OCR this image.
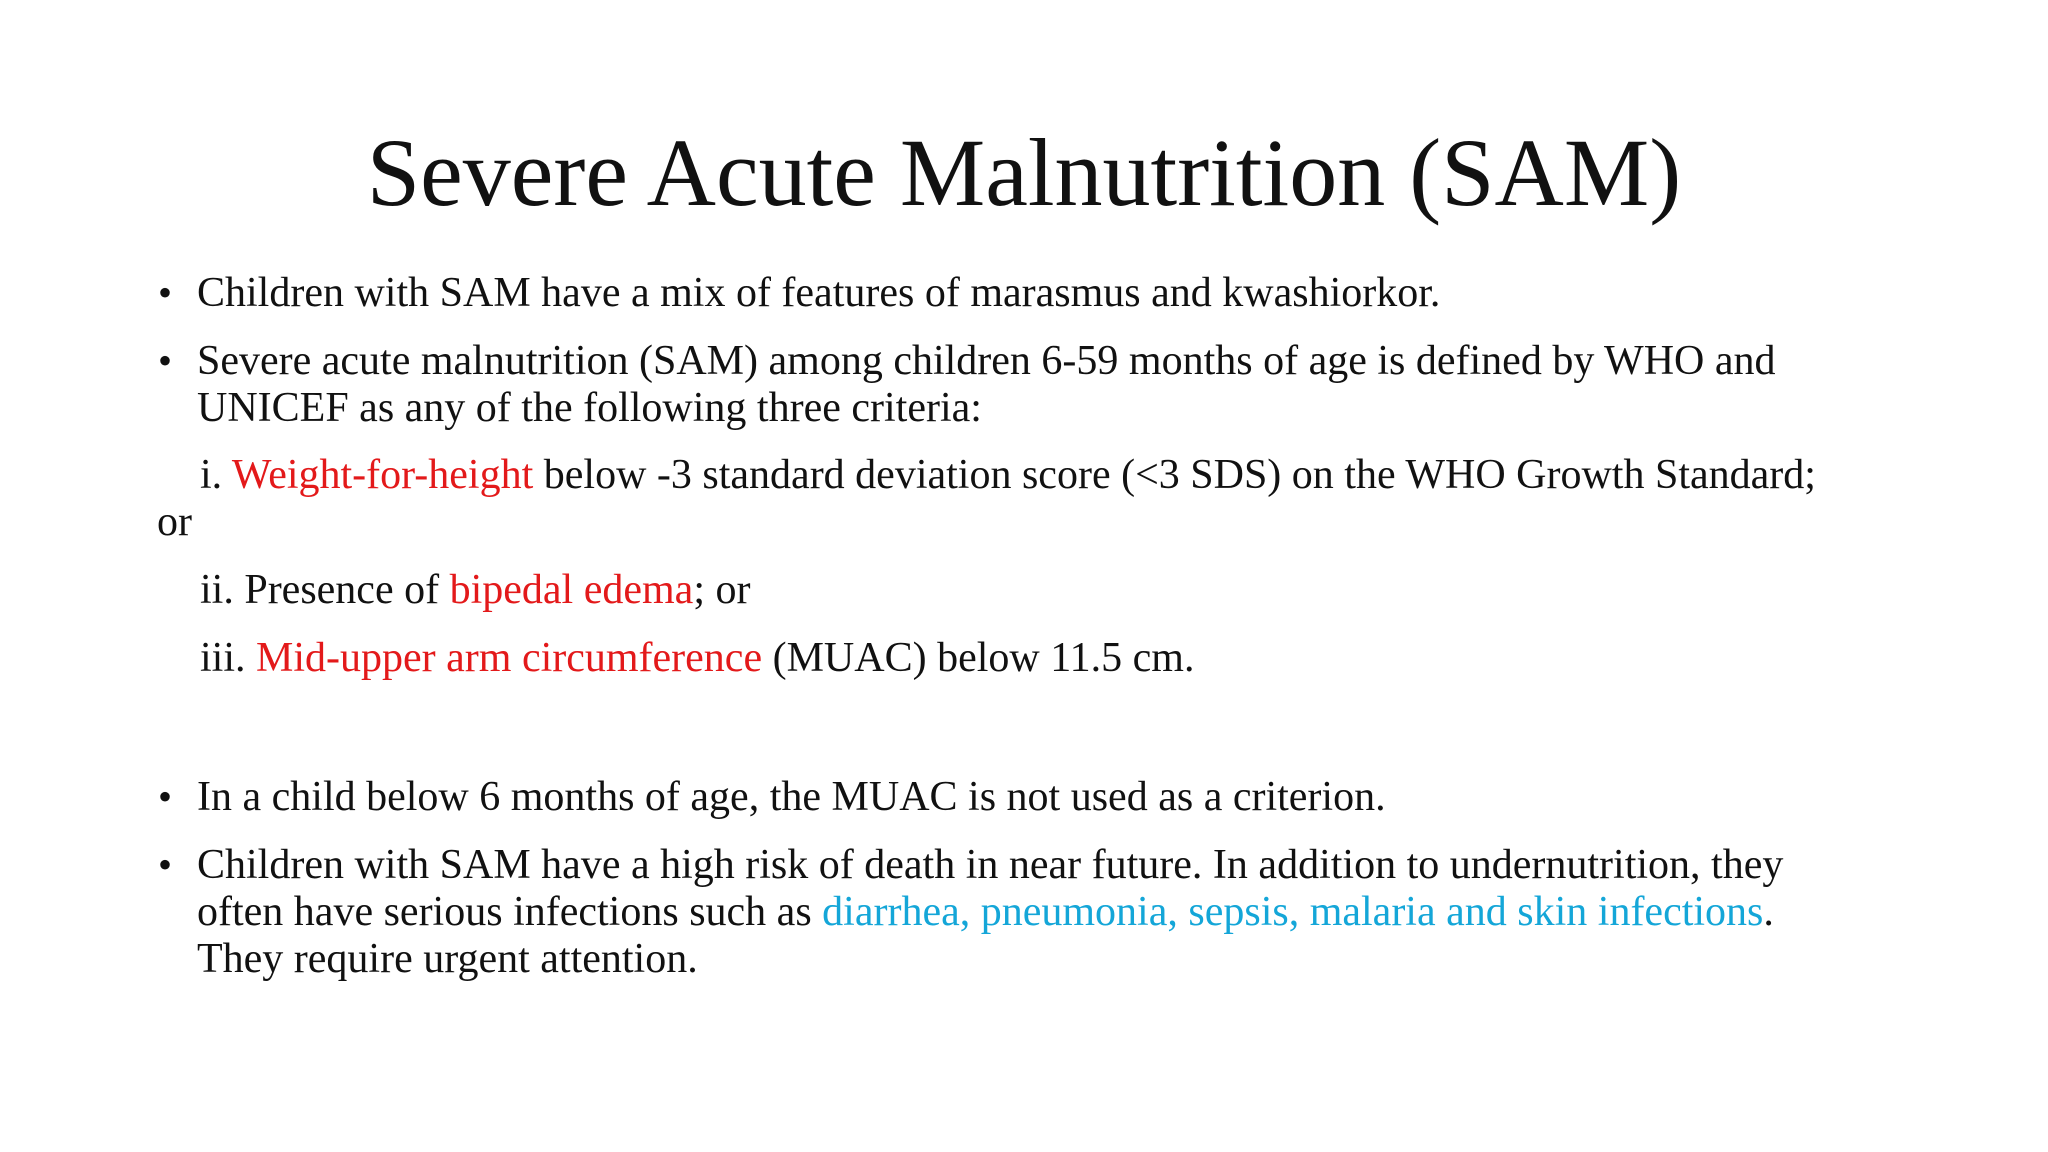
Severe Acute Malnutrition (SAM)
• Children with SAM have a mix of features of marasmus and kwashiorkor.
• Severe acute malnutrition (SAM) among children 6-59 months of age is defined by WHO and
UNICEF as any of the following three criteria:
i. Weight-for-height below -3 standard deviation score (<3 SDS) on the WHO Growth Standard;
or
ii. Presence of bipedal edema; or
iii. Mid-upper arm circumference (MUAC) below 11.5 cm.
• In a child below 6 months of age, the MUAC is not used as a criterion.
• Children with SAM have a high risk of death in near future. In addition to undernutrition, they
often have serious infections such as diarrhea, pneumonia, sepsis, malaria and skin infections.
They require urgent attention.
